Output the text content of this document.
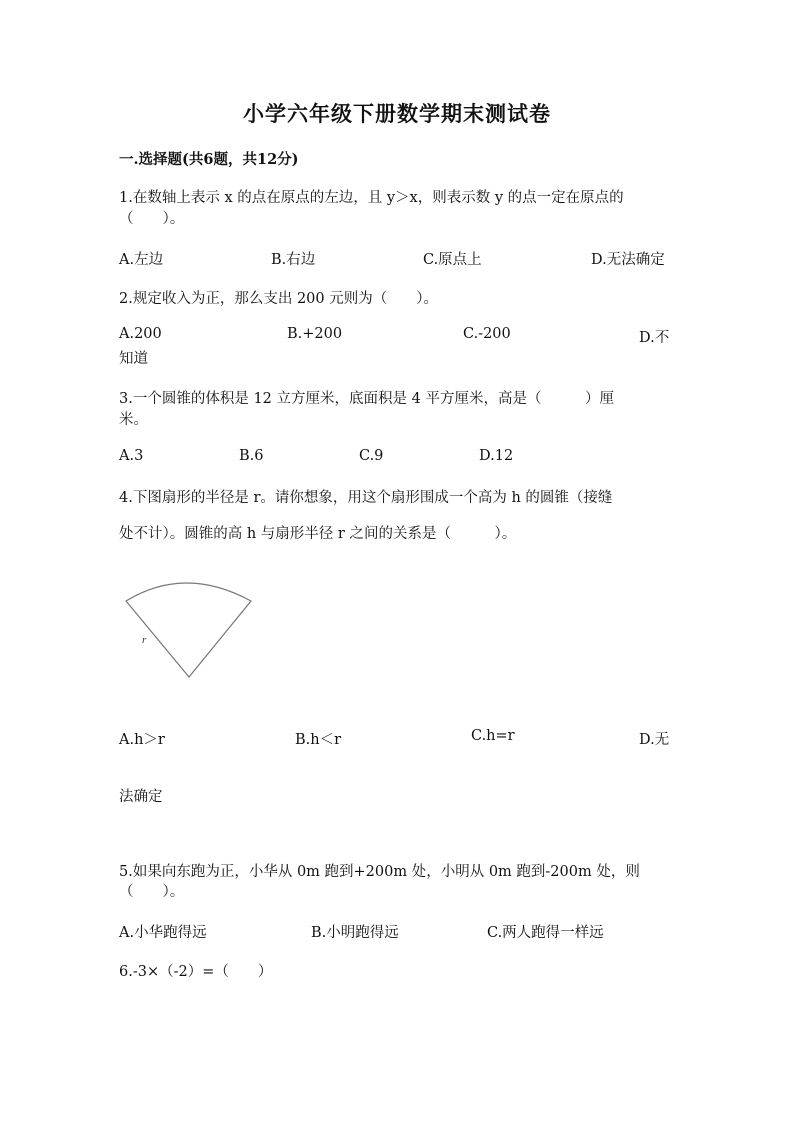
小学六年级下册数学期末测试卷
一.选择题(共6题，共12分)
1.在数轴上表示 x 的点在原点的左边，且 y＞x，则表示数 y 的点一定在原点的
（　　）。
A.左边	B.右边	C.原点上	D.无法确定
2.规定收入为正，那么支出 200 元则为（　　）。
A.200	B.+200	C.-200	D.不
知道
3.一个圆锥的体积是 12 立方厘米，底面积是 4 平方厘米，高是（　　　）厘
米。
A.3	B.6	C.9	D.12
4.下图扇形的半径是 r。请你想象，用这个扇形围成一个高为 h 的圆锥（接缝
处不计）。圆锥的高 h 与扇形半径 r 之间的关系是（　　　）。
r
A.h＞r	B.h＜r	C.h=r	D.无
法确定
5.如果向东跑为正，小华从 0m 跑到+200m 处，小明从 0m 跑到-200m 处，则
（　　）。
A.小华跑得远	B.小明跑得远	C.两人跑得一样远
6.-3×（-2）=（　　）
